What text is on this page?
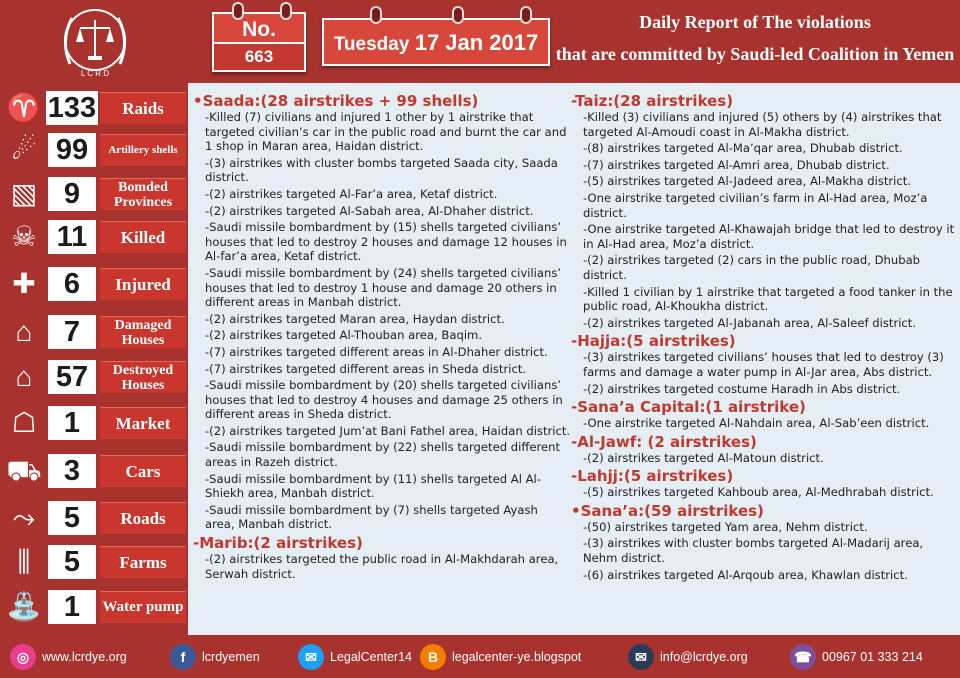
L C R D
No.
663
Tuesday 17 Jan 2017
Daily Report of The violations
that are committed by Saudi-led Coalition in Yemen
♈ 133	Raids
☄ 99	Artillery shells
▧ 9	Bomded Provinces
☠ 11	Killed
✚ 6	Injured
⌂	7	Damaged Houses
⌂ 57	Destroyed Houses
☖ 1	Market
⛟ 3	Cars
⤳ 5	Roads
⫼	5	Farms
⛲ 1	Water pump
•Saada:(28 airstrikes + 99 shells)
-Killed (7) civilians and injured 1 other by 1 airstrike that targeted civilian’s car in the public road and burnt the car and 1 shop in Maran area, Haidan district.
-(3) airstrikes with cluster bombs targeted Saada city, Saada district.
-(2) airstrikes targeted Al-Far’a area, Ketaf district.
-(2) airstrikes targeted Al-Sabah area, Al-Dhaher district.
-Saudi missile bombardment by (15) shells targeted civilians’ houses that led to destroy 2 houses and damage 12 houses in Al-far’a area, Ketaf district.
-Saudi missile bombardment by (24) shells targeted civilians’ houses that led to destroy 1 house and damage 20 others in different areas in Manbah district.
-(2) airstrikes targeted Maran area, Haydan district.
-(2) airstrikes targeted Al-Thouban area, Baqim.
-(7) airstrikes targeted different areas in Al-Dhaher district.
-(7) airstrikes targeted different areas in Sheda district.
-Saudi missile bombardment by (20) shells targeted civilians’ houses that led to destroy 4 houses and damage 25 others in different areas in Sheda district.
-(2) airstrikes targeted Jum’at Bani Fathel area, Haidan district.
-Saudi missile bombardment by (22) shells targeted different areas in Razeh district.
-Saudi missile bombardment by (11) shells targeted Al Al-Shiekh area, Manbah district.
-Saudi missile bombardment by (7) shells targeted Ayash area, Manbah district.
-Marib:(2 airstrikes)
-(2) airstrikes targeted the public road in Al-Makhdarah area, Serwah district.
-Taiz:(28 airstrikes)
-Killed (3) civilians and injured (5) others by (4) airstrikes that targeted Al-Amoudi coast in Al-Makha district.
-(8) airstrikes targeted Al-Ma’qar area, Dhubab district.
-(7) airstrikes targeted Al-Amri area, Dhubab district.
-(5) airstrikes targeted Al-Jadeed area, Al-Makha district.
-One airstrike targeted civilian’s farm in Al-Had area, Moz’a district.
-One airstrike targeted Al-Khawajah bridge that led to destroy it in Al-Had area, Moz’a district.
-(2) airstrikes targeted (2) cars in the public road, Dhubab district.
-Killed 1 civilian by 1 airstrike that targeted a food tanker in the public road, Al-Khoukha district.
-(2) airstrikes targeted Al-Jabanah area, Al-Saleef district.
-Hajja:(5 airstrikes)
-(3) airstrikes targeted civilians’ houses that led to destroy (3) farms and damage a water pump in Al-Jar area, Abs district.
-(2) airstrikes targeted costume Haradh in Abs district.
-Sana’a Capital:(1 airstrike)
-One airstrike targeted Al-Nahdain area, Al-Sab’een district.
-Al-Jawf: (2 airstrikes)
-(2) airstrikes targeted Al-Matoun district.
-Lahjj:(5 airstrikes)
-(5) airstrikes targeted Kahboub area, Al-Medhrabah district.
•Sana’a:(59 airstrikes)
-(50) airstrikes targeted Yam area, Nehm district.
-(3) airstrikes with cluster bombs targeted Al-Madarij area, Nehm district.
-(6) airstrikes targeted Al-Arqoub area, Khawlan district.
◎	www.lcrdye.org	f	lcrdyemen	✉	LegalCenter14	B	legalcenter-ye.blogspot	✉	info@lcrdye.org	☎ 00967 01 333 214
